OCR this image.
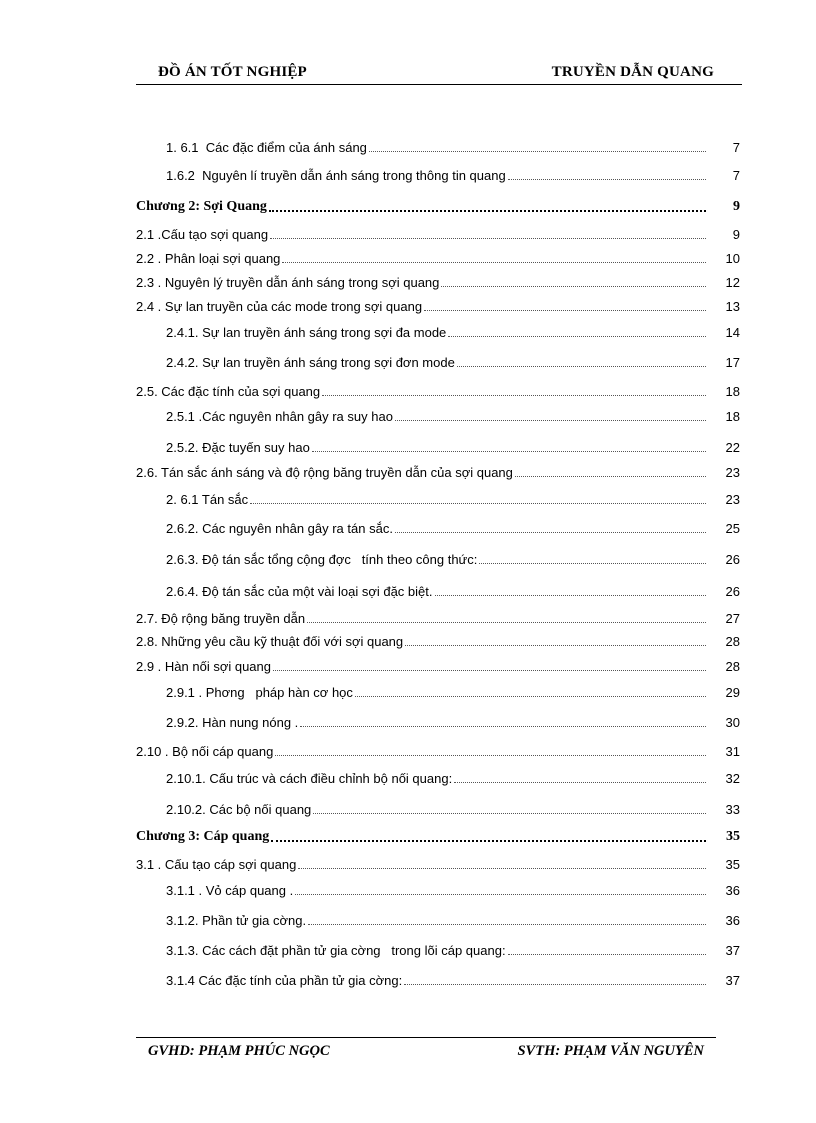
ĐỒ ÁN TỐT NGHIỆP	TRUYỀN DẪN QUANG
1. 6.1  Các đặc điểm của ánh sáng	7
1.6.2  Nguyên lí truyền dẫn ánh sáng trong thông tin quang	7
Chương 2: Sợi Quang	9
2.1 .Cấu tạo sợi quang	9
2.2 . Phân loại sợi quang	10
2.3 . Nguyên lý truyền dẫn ánh sáng trong sợi quang	12
2.4 . Sự lan truyền của các mode trong sợi quang	13
2.4.1. Sự lan truyền ánh sáng trong sợi đa mode	14
2.4.2. Sự lan truyền ánh sáng trong sợi đơn mode	17
2.5. Các đặc tính của sợi quang	18
2.5.1 .Các nguyên nhân gây ra suy hao	18
2.5.2. Đặc tuyến suy hao	22
2.6. Tán sắc ánh sáng và độ rộng băng truyền dẫn của sợi quang	23
2. 6.1 Tán sắc	23
2.6.2. Các nguyên nhân gây ra tán sắc.	25
2.6.3. Độ tán sắc tổng cộng đợc   tính theo công thức:	26
2.6.4. Độ tán sắc của một vài loại sợi đặc biệt.	26
2.7. Độ rộng băng truyền dẫn	27
2.8. Những yêu cầu kỹ thuật đối với sợi quang	28
2.9 . Hàn nối sợi quang	28
2.9.1 . Phơng   pháp hàn cơ học	29
2.9.2. Hàn nung nóng .	30
2.10 . Bộ nối cáp quang	31
2.10.1. Cấu trúc và cách điều chỉnh bộ nối quang:	32
2.10.2. Các bộ nối quang	33
Chương 3: Cáp quang	35
3.1 . Cấu tạo cáp sợi quang	35
3.1.1 . Vỏ cáp quang .	36
3.1.2. Phần tử gia cờng.	36
3.1.3. Các cách đặt phần tử gia cờng   trong lõi cáp quang:	37
3.1.4 Các đặc tính của phần tử gia cờng:	37
GVHD: PHẠM PHÚC NGỌC	SVTH: PHẠM VĂN NGUYÊN
